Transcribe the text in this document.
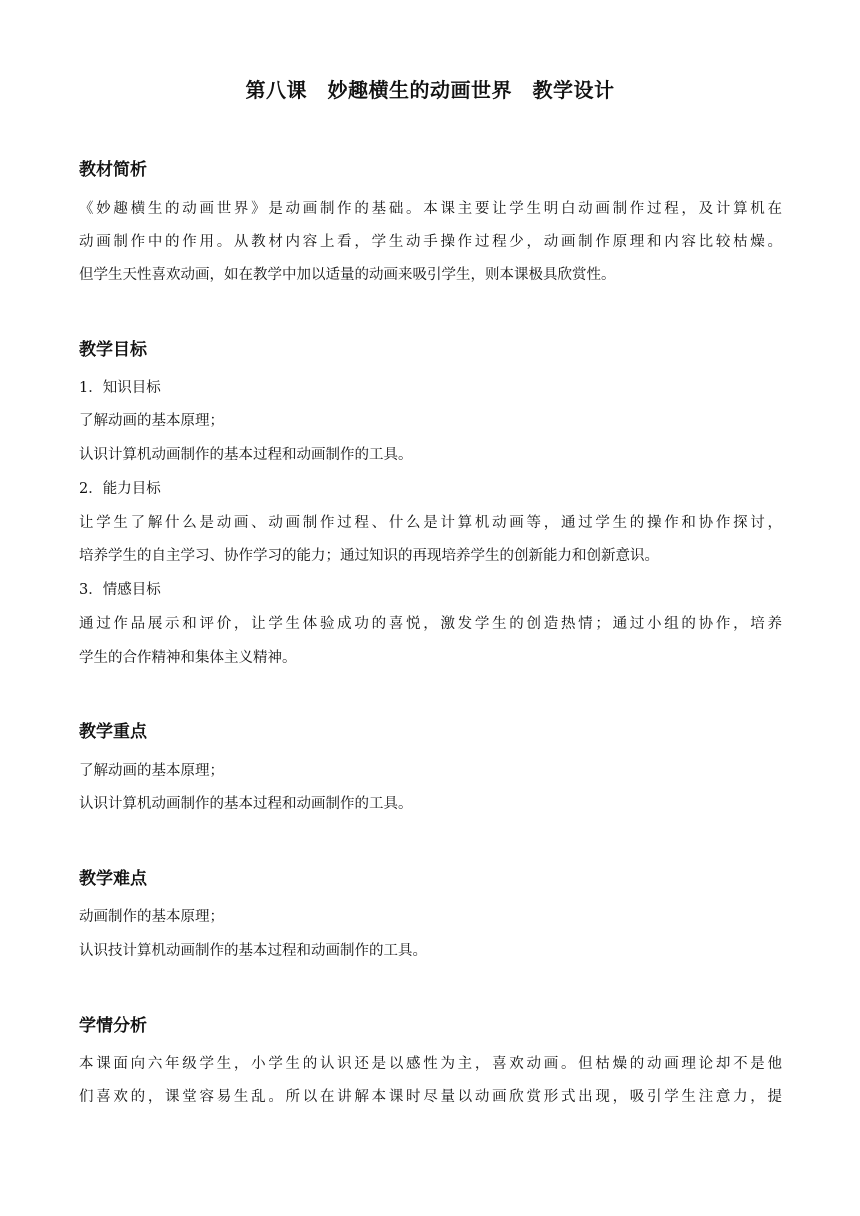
第八课　妙趣横生的动画世界　教学设计
教材简析
《妙趣横生的动画世界》是动画制作的基础。本课主要让学生明白动画制作过程，及计算机在
动画制作中的作用。从教材内容上看，学生动手操作过程少，动画制作原理和内容比较枯燥。
但学生天性喜欢动画，如在教学中加以适量的动画来吸引学生，则本课极具欣赏性。
教学目标
1．知识目标
了解动画的基本原理；
认识计算机动画制作的基本过程和动画制作的工具。
2．能力目标
让学生了解什么是动画、动画制作过程、什么是计算机动画等，通过学生的操作和协作探讨，
培养学生的自主学习、协作学习的能力；通过知识的再现培养学生的创新能力和创新意识。
3．情感目标
通过作品展示和评价，让学生体验成功的喜悦，激发学生的创造热情；通过小组的协作，培养
学生的合作精神和集体主义精神。
教学重点
了解动画的基本原理；
认识计算机动画制作的基本过程和动画制作的工具。
教学难点
动画制作的基本原理；
认识技计算机动画制作的基本过程和动画制作的工具。
学情分析
本课面向六年级学生，小学生的认识还是以感性为主，喜欢动画。但枯燥的动画理论却不是他
们喜欢的，课堂容易生乱。所以在讲解本课时尽量以动画欣赏形式出现，吸引学生注意力，提
